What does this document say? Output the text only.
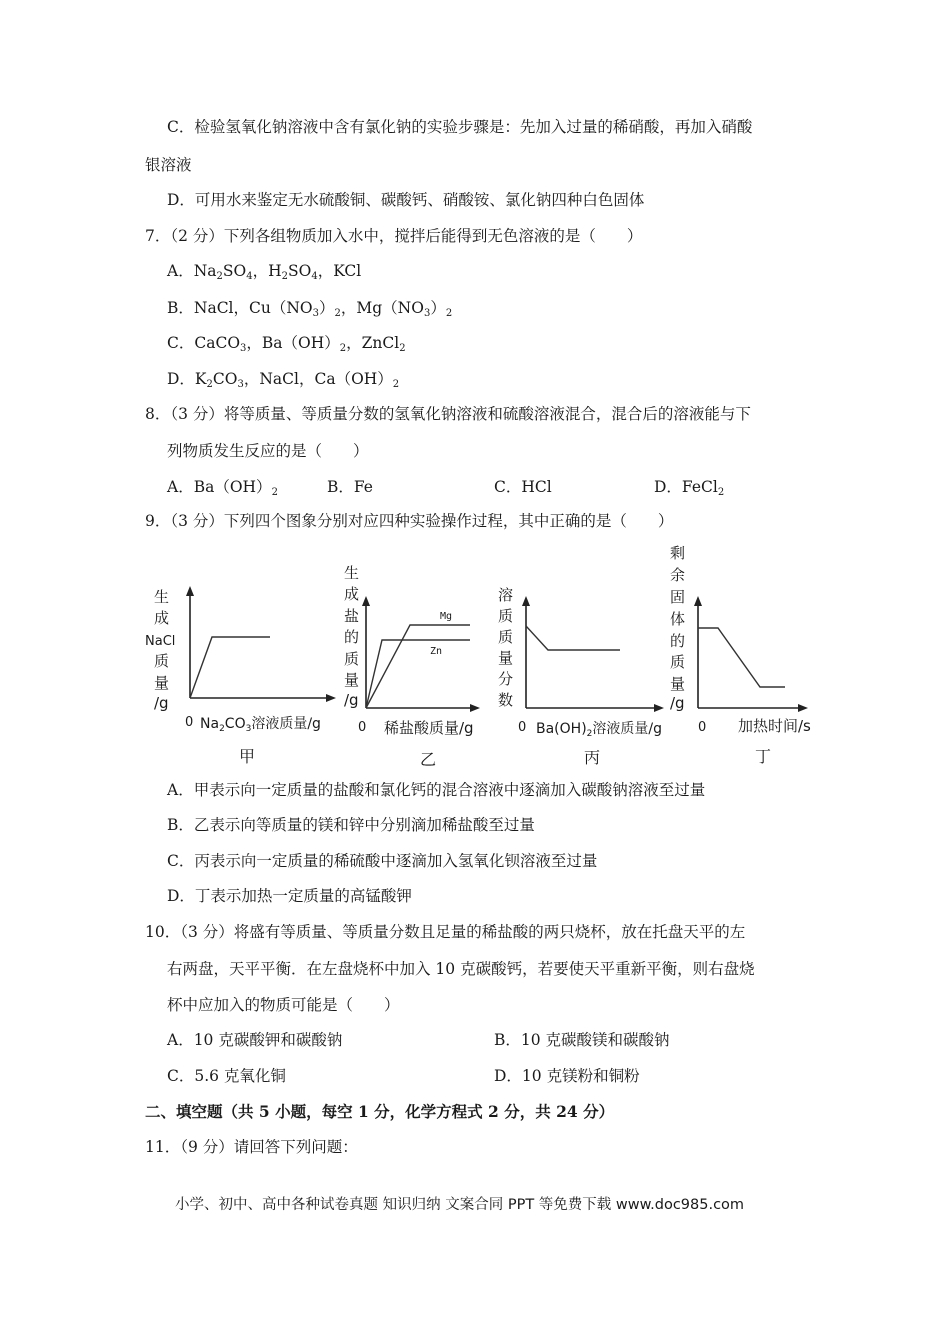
C．检验氢氧化钠溶液中含有氯化钠的实验步骤是：先加入过量的稀硝酸，再加入硝酸
银溶液
D．可用水来鉴定无水硫酸铜、碳酸钙、硝酸铵、氯化钠四种白色固体
7．（2 分）下列各组物质加入水中，搅拌后能得到无色溶液的是（　　）
A．$Na_2SO_4$，$H_2SO_4$，KCl
B．NaCl，$Cu(NO_3)_2$，$Mg(NO_3)_2$
C．CaCO$_3$，$Ba(OH)_2$，ZnCl$_2$
D．$K_2CO_3$，NaCl，$Ca(OH)_2$
8．（3 分）将等质量、等质量分数的氢氧化钠溶液和硫酸溶液混合，混合后的溶液能与下
列物质发生反应的是（　　）
A．$Ba(OH)_2$	B．Fe	C．HCl	D．FeCl$_2$
9．（3 分）下列四个图象分别对应四种实验操作过程，其中正确的是（　　）
生
成
NaCl
质
量
/g
0 $Na_2CO_3$溶液质量/g
甲
生
成
盐
的
质
量
/g
Mg
Zn
0 稀盐酸质量/g
乙
溶
质
质
量
分
数
0 $Ba(OH)_2$溶液质量/g
丙
剩
余
固
体
的
质
量
/g
0 加热时间/s
丁
A．甲表示向一定质量的盐酸和氯化钙的混合溶液中逐滴加入碳酸钠溶液至过量
B．乙表示向等质量的镁和锌中分别滴加稀盐酸至过量
C．丙表示向一定质量的稀硫酸中逐滴加入氢氧化钡溶液至过量
D．丁表示加热一定质量的高锰酸钾
10．（3 分）将盛有等质量、等质量分数且足量的稀盐酸的两只烧杯，放在托盘天平的左
右两盘，天平平衡．在左盘烧杯中加入 10 克碳酸钙，若要使天平重新平衡，则右盘烧
杯中应加入的物质可能是（　　）
A．10 克碳酸钾和碳酸钠	B．10 克碳酸镁和碳酸钠
C．5.6 克氧化铜	D．10 克镁粉和铜粉
二、填空题（共 5 小题，每空 1 分，化学方程式 2 分，共 24 分）
11．（9 分）请回答下列问题：
小学、初中、高中各种试卷真题 知识归纳 文案合同 PPT 等免费下载 www.doc985.com
